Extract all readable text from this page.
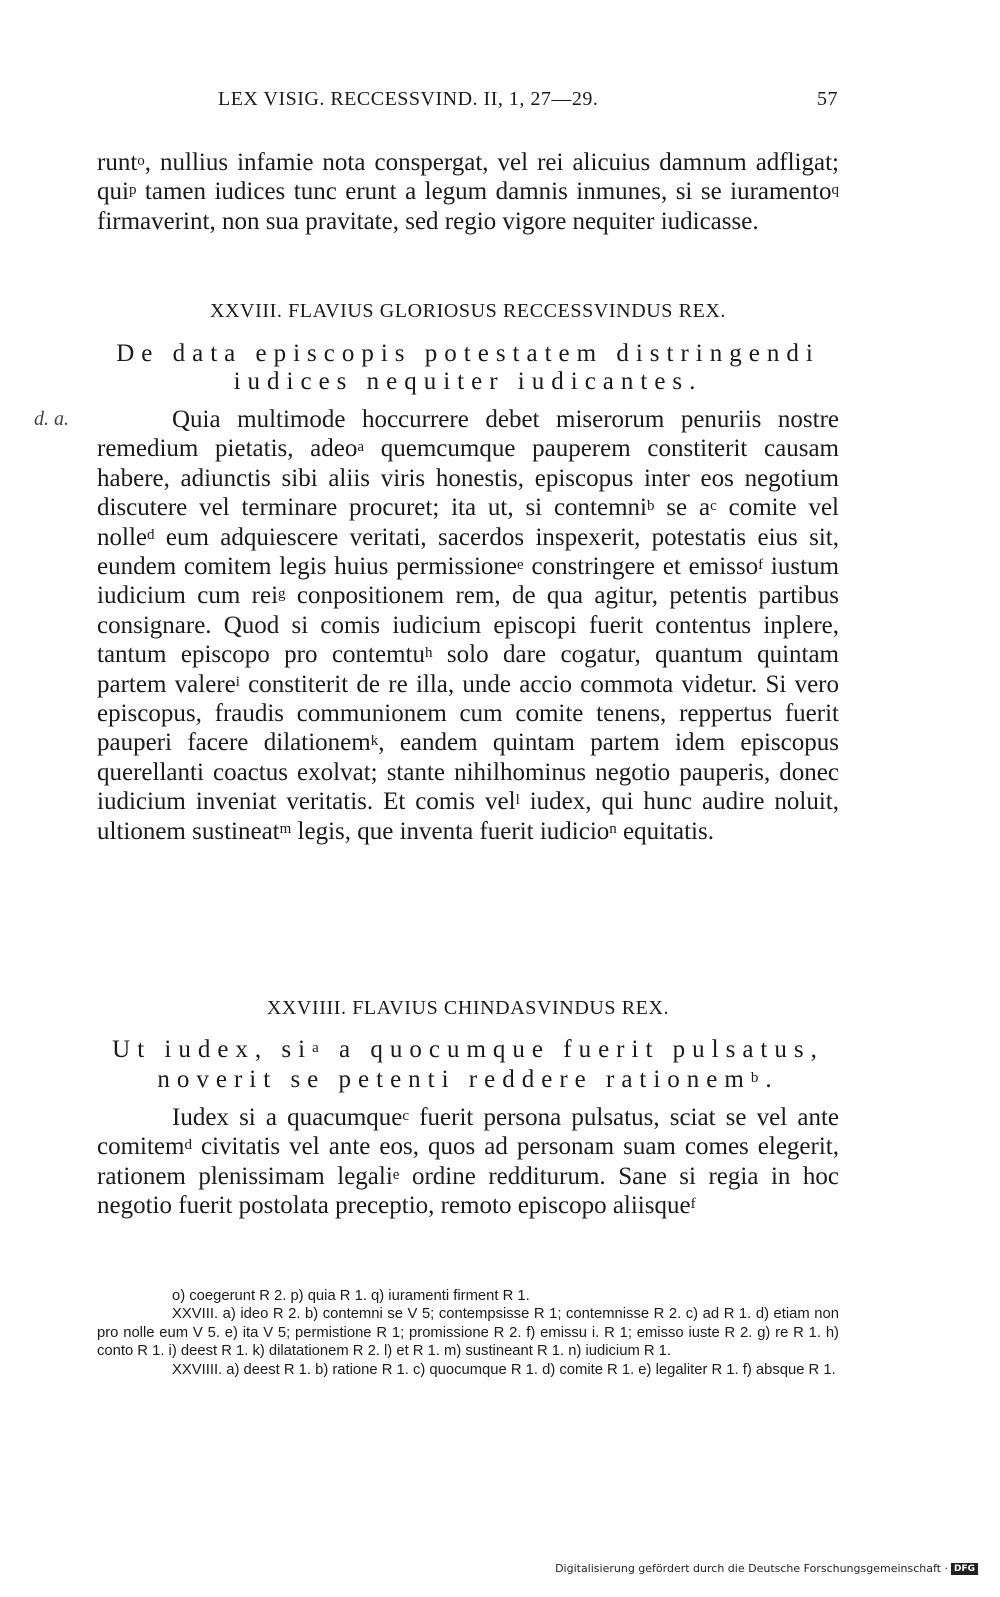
LEX VISIG. RECCESSVIND. II, 1, 27—29.	57

runt$^o$, nullius infamie nota conspergat, vel rei alicuius damnum adfligat; qui$^p$ tamen iudices tunc erunt a legum damnis inmunes, si se iuramento$^q$ firmaverint, non sua pravitate, sed regio vigore nequiter iudicasse.

XXVIII. FLAVIUS GLORIOSUS RECCESSVINDUS REX.
De data episcopis potestatem distringendi
iudices nequiter iudicantes.
d. a.	Quia multimode hoccurrere debet miserorum penuriis nostre remedium pietatis, adeo$^a$ quemcumque pauperem constiterit causam habere, adiunctis sibi aliis viris honestis, episcopus inter eos negotium discutere vel terminare procuret; ita ut, si contemni$^b$ se $a^c$ comite vel nolle$^d$ eum adquiescere veritati, sacerdos inspexerit, potestatis eius sit, eundem comitem legis huius permissione$^e$ constringere et emisso$^f$ iustum iudicium cum rei$^g$ conpositionem rem, de qua agitur, petentis partibus consignare. Quod si comis iudicium episcopi fuerit contentus inplere, tantum episcopo pro contemtu$^h$ solo dare cogatur, quantum quintam partem valere$^i$ constiterit de re illa, unde accio commota videtur. Si vero episcopus, fraudis communionem cum comite tenens, reppertus fuerit pauperi facere dilationem$^k$, eandem quintam partem idem episcopus querellanti coactus exolvat; stante nihilhominus negotio pauperis, donec iudicium inveniat veritatis. Et comis vel$^l$ iudex, qui hunc audire noluit, ultionem sustineat$^m$ legis, que inventa fuerit iudicio$^n$ equitatis.

XXVIIII. FLAVIUS CHINDASVINDUS REX.
Ut iudex, $si^a$ a quocumque fuerit pulsatus,
noverit se petenti reddere rationem$^b$.

Iudex si a quacumque$^c$ fuerit persona pulsatus, sciat se vel ante comitem$^d$ civitatis vel ante eos, quos ad personam suam comes elegerit, rationem plenissimam legali$^e$ ordine redditurum. Sane si regia in hoc negotio fuerit postolata preceptio, remoto episcopo aliisque$^f$

o) coegerunt R 2. p) quia R 1. q) iuramenti firment R 1.

XXVIII. a) ideo R 2. b) contemni se V 5; contempsisse R 1; contemnisse R 2. c) ad R 1. d) etiam non pro nolle eum V 5. e) ita V 5; permistione R 1; promissione R 2. f) emissu i. R 1; emisso iuste R 2. g) re R 1. h) conto R 1. i) deest R 1. k) dilatationem R 2. l) et R 1. m) sustineant R 1. n) iudicium R 1.

XXVIIII. a) deest R 1. b) ratione R 1. c) quocumque R 1. d) comite R 1. e) legaliter R 1. f) absque R 1.

Digitalisierung gefördert durch die Deutsche Forschungsgemeinschaft · DFG
